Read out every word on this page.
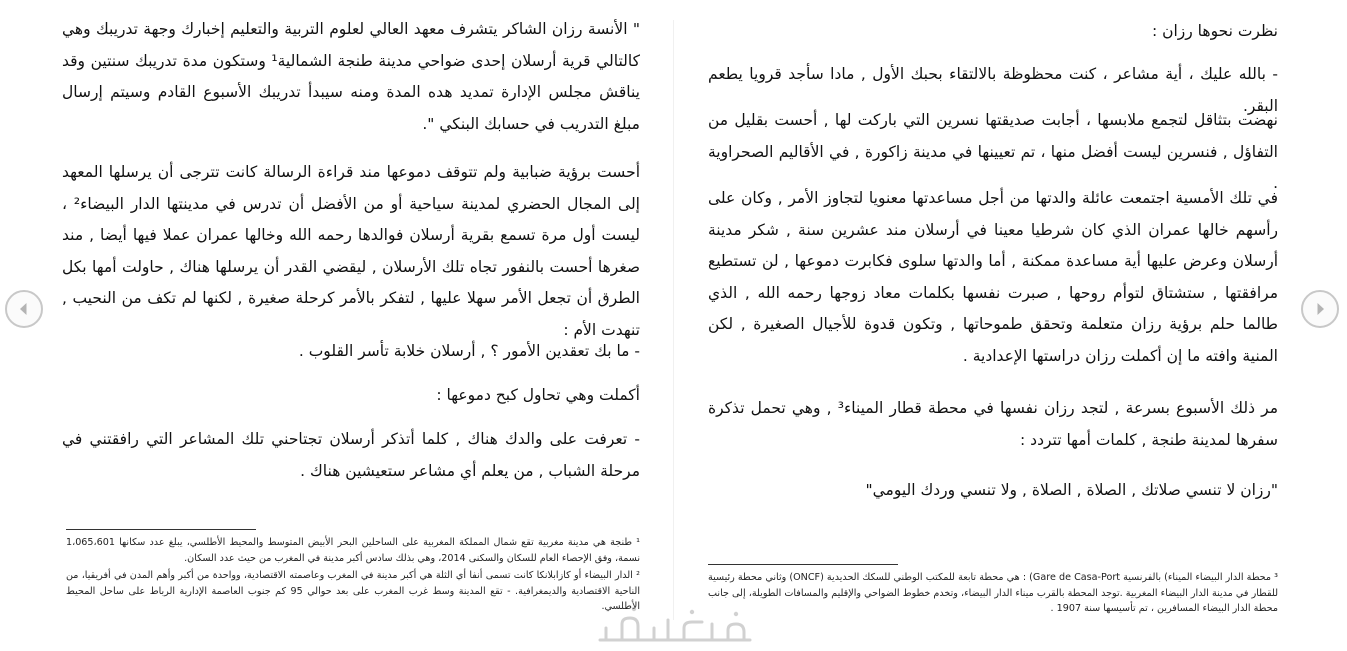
نظرت نحوها رزان :

- بالله عليك ، أية مشاعر ، كنت محظوظة بالالتقاء بحبك الأول , مادا سأجد قرويا يطعم البقر.

نهضت بتثاقل لتجمع ملابسها ، أجابت صديقتها نسرين التي باركت لها , أحست بقليل من التفاؤل , فنسرين ليست أفضل منها ، تم تعيينها في مدينة زاكورة , في الأقاليم الصحراوية .

في تلك الأمسية اجتمعت عائلة والدتها من أجل مساعدتها معنويا لتجاوز الأمر , وكان على رأسهم خالها عمران الذي كان شرطيا معينا في أرسلان مند عشرين سنة , شكر مدينة أرسلان وعرض عليها أية مساعدة ممكنة , أما والدتها سلوى فكابرت دموعها , لن تستطيع مرافقتها , ستشتاق لتوأم روحها , صبرت نفسها بكلمات معاد زوجها رحمه الله , الذي طالما حلم برؤية رزان متعلمة وتحقق طموحاتها , وتكون قدوة للأجيال الصغيرة , لكن المنية وافته ما إن أكملت رزان دراستها الإعدادية .

مر ذلك الأسبوع بسرعة , لتجد رزان نفسها في محطة قطار الميناء³ , وهي تحمل تذكرة سفرها لمدينة طنجة , كلمات أمها تتردد :

"رزان لا تنسي صلاتك , الصلاة , الصلاة , ولا تنسي وردك اليومي"

" الأنسة رزان الشاكر يتشرف معهد العالي لعلوم التربية والتعليم إخبارك وجهة تدريبك وهي كالتالي قرية أرسلان إحدى ضواحي مدينة طنجة الشمالية¹ وستكون مدة تدريبك سنتين وقد يناقش مجلس الإدارة تمديد هده المدة ومنه سيبدأ تدريبك الأسبوع القادم وسيتم إرسال مبلغ التدريب في حسابك البنكي ".

أحست برؤية ضبابية ولم تتوقف دموعها مند قراءة الرسالة كانت تترجى أن يرسلها المعهد إلى المجال الحضري لمدينة سياحية أو من الأفضل أن تدرس في مدينتها الدار البيضاء² ، ليست أول مرة تسمع بقرية أرسلان فوالدها رحمه الله وخالها عمران عملا فيها أيضا , مند صغرها أحست بالنفور تجاه تلك الأرسلان , ليقضي القدر أن يرسلها هناك , حاولت أمها بكل الطرق أن تجعل الأمر سهلا عليها , لتفكر بالأمر كرحلة صغيرة , لكنها لم تكف من النحيب , تنهدت الأم :

- ما بك تعقدين الأمور ؟ , أرسلان خلابة تأسر القلوب .

أكملت وهي تحاول كبح دموعها :

- تعرفت على والدك هناك , كلما أتذكر أرسلان تجتاحني تلك المشاعر التي رافقتني في مرحلة الشباب , من يعلم أي مشاعر ستعيشين هناك .

¹ طنجة هي مدينة مغربية تقع شمال المملكة المغربية على الساحلين البحر الأبيض المتوسط والمحيط الأطلسي، يبلغ عدد سكانها 1،065،601 نسمة، وفق الإحصاء العام للسكان والسكنى 2014، وهي بذلك سادس أكبر مدينة في المغرب من حيث عدد السكان.

² الدار البيضاء أو كازابلانكا كانت تسمى أنفا أي الثلة هي أكبر مدينة في المغرب وعاصمته الاقتصادية، وواحدة من أكبر وأهم المدن في أفريقيا، من الناحية الاقتصادية والديمغرافية. - تقع المدينة وسط غرب المغرب على بعد حوالي 95 كم جنوب العاصمة الإدارية الرباط على ساحل المحيط الأطلسي.

³ محطة الدار البيضاء الميناء) بالفرنسية Gare de Casa-Port) : هي محطة تابعة للمكتب الوطني للسكك الحديدية (ONCF) وثاني محطة رئيسية للقطار في مدينة الدار البيضاء المغربية .توجد المحطة بالقرب ميناء الدار البيضاء، وتخدم خطوط الضواحي والإقليم والمسافات الطويلة، إلى جانب محطة الدار البيضاء المسافرين ، تم تأسيسها سنة 1907 .
